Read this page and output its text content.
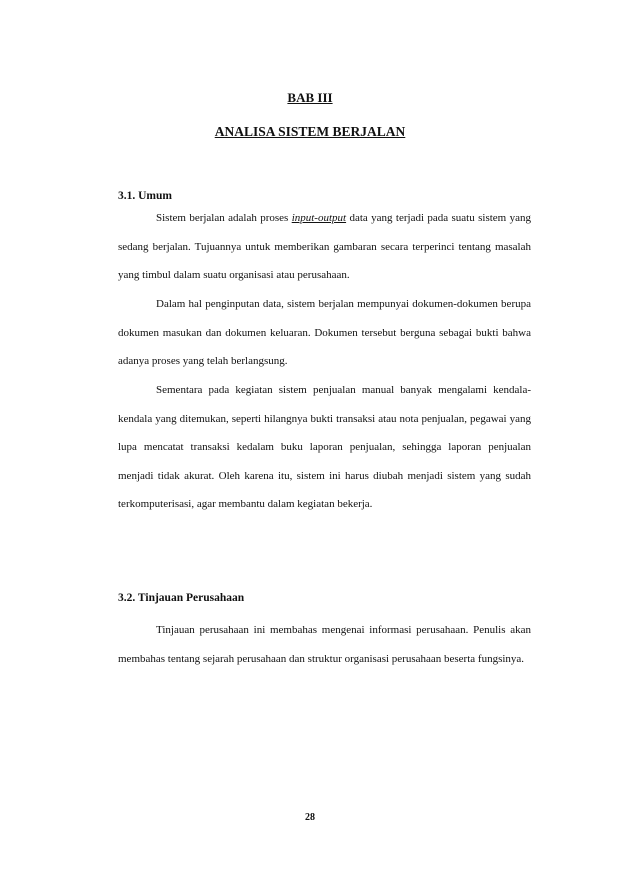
BAB III
ANALISA SISTEM BERJALAN
3.1. Umum

Sistem berjalan adalah proses input-output data yang terjadi pada suatu sistem yang sedang berjalan. Tujuannya untuk memberikan gambaran secara terperinci tentang masalah yang timbul dalam suatu organisasi atau perusahaan.

Dalam hal penginputan data, sistem berjalan mempunyai dokumen-dokumen berupa dokumen masukan dan dokumen keluaran. Dokumen tersebut berguna sebagai bukti bahwa adanya proses yang telah berlangsung.

Sementara pada kegiatan sistem penjualan manual banyak mengalami kendala-kendala yang ditemukan, seperti hilangnya bukti transaksi atau nota penjualan, pegawai yang lupa mencatat transaksi kedalam buku laporan penjualan, sehingga laporan penjualan menjadi tidak akurat. Oleh karena itu, sistem ini harus diubah menjadi sistem yang sudah terkomputerisasi, agar membantu dalam kegiatan bekerja.

3.2. Tinjauan Perusahaan

Tinjauan perusahaan ini membahas mengenai informasi perusahaan. Penulis akan membahas tentang sejarah perusahaan dan struktur organisasi perusahaan beserta fungsinya.

28
